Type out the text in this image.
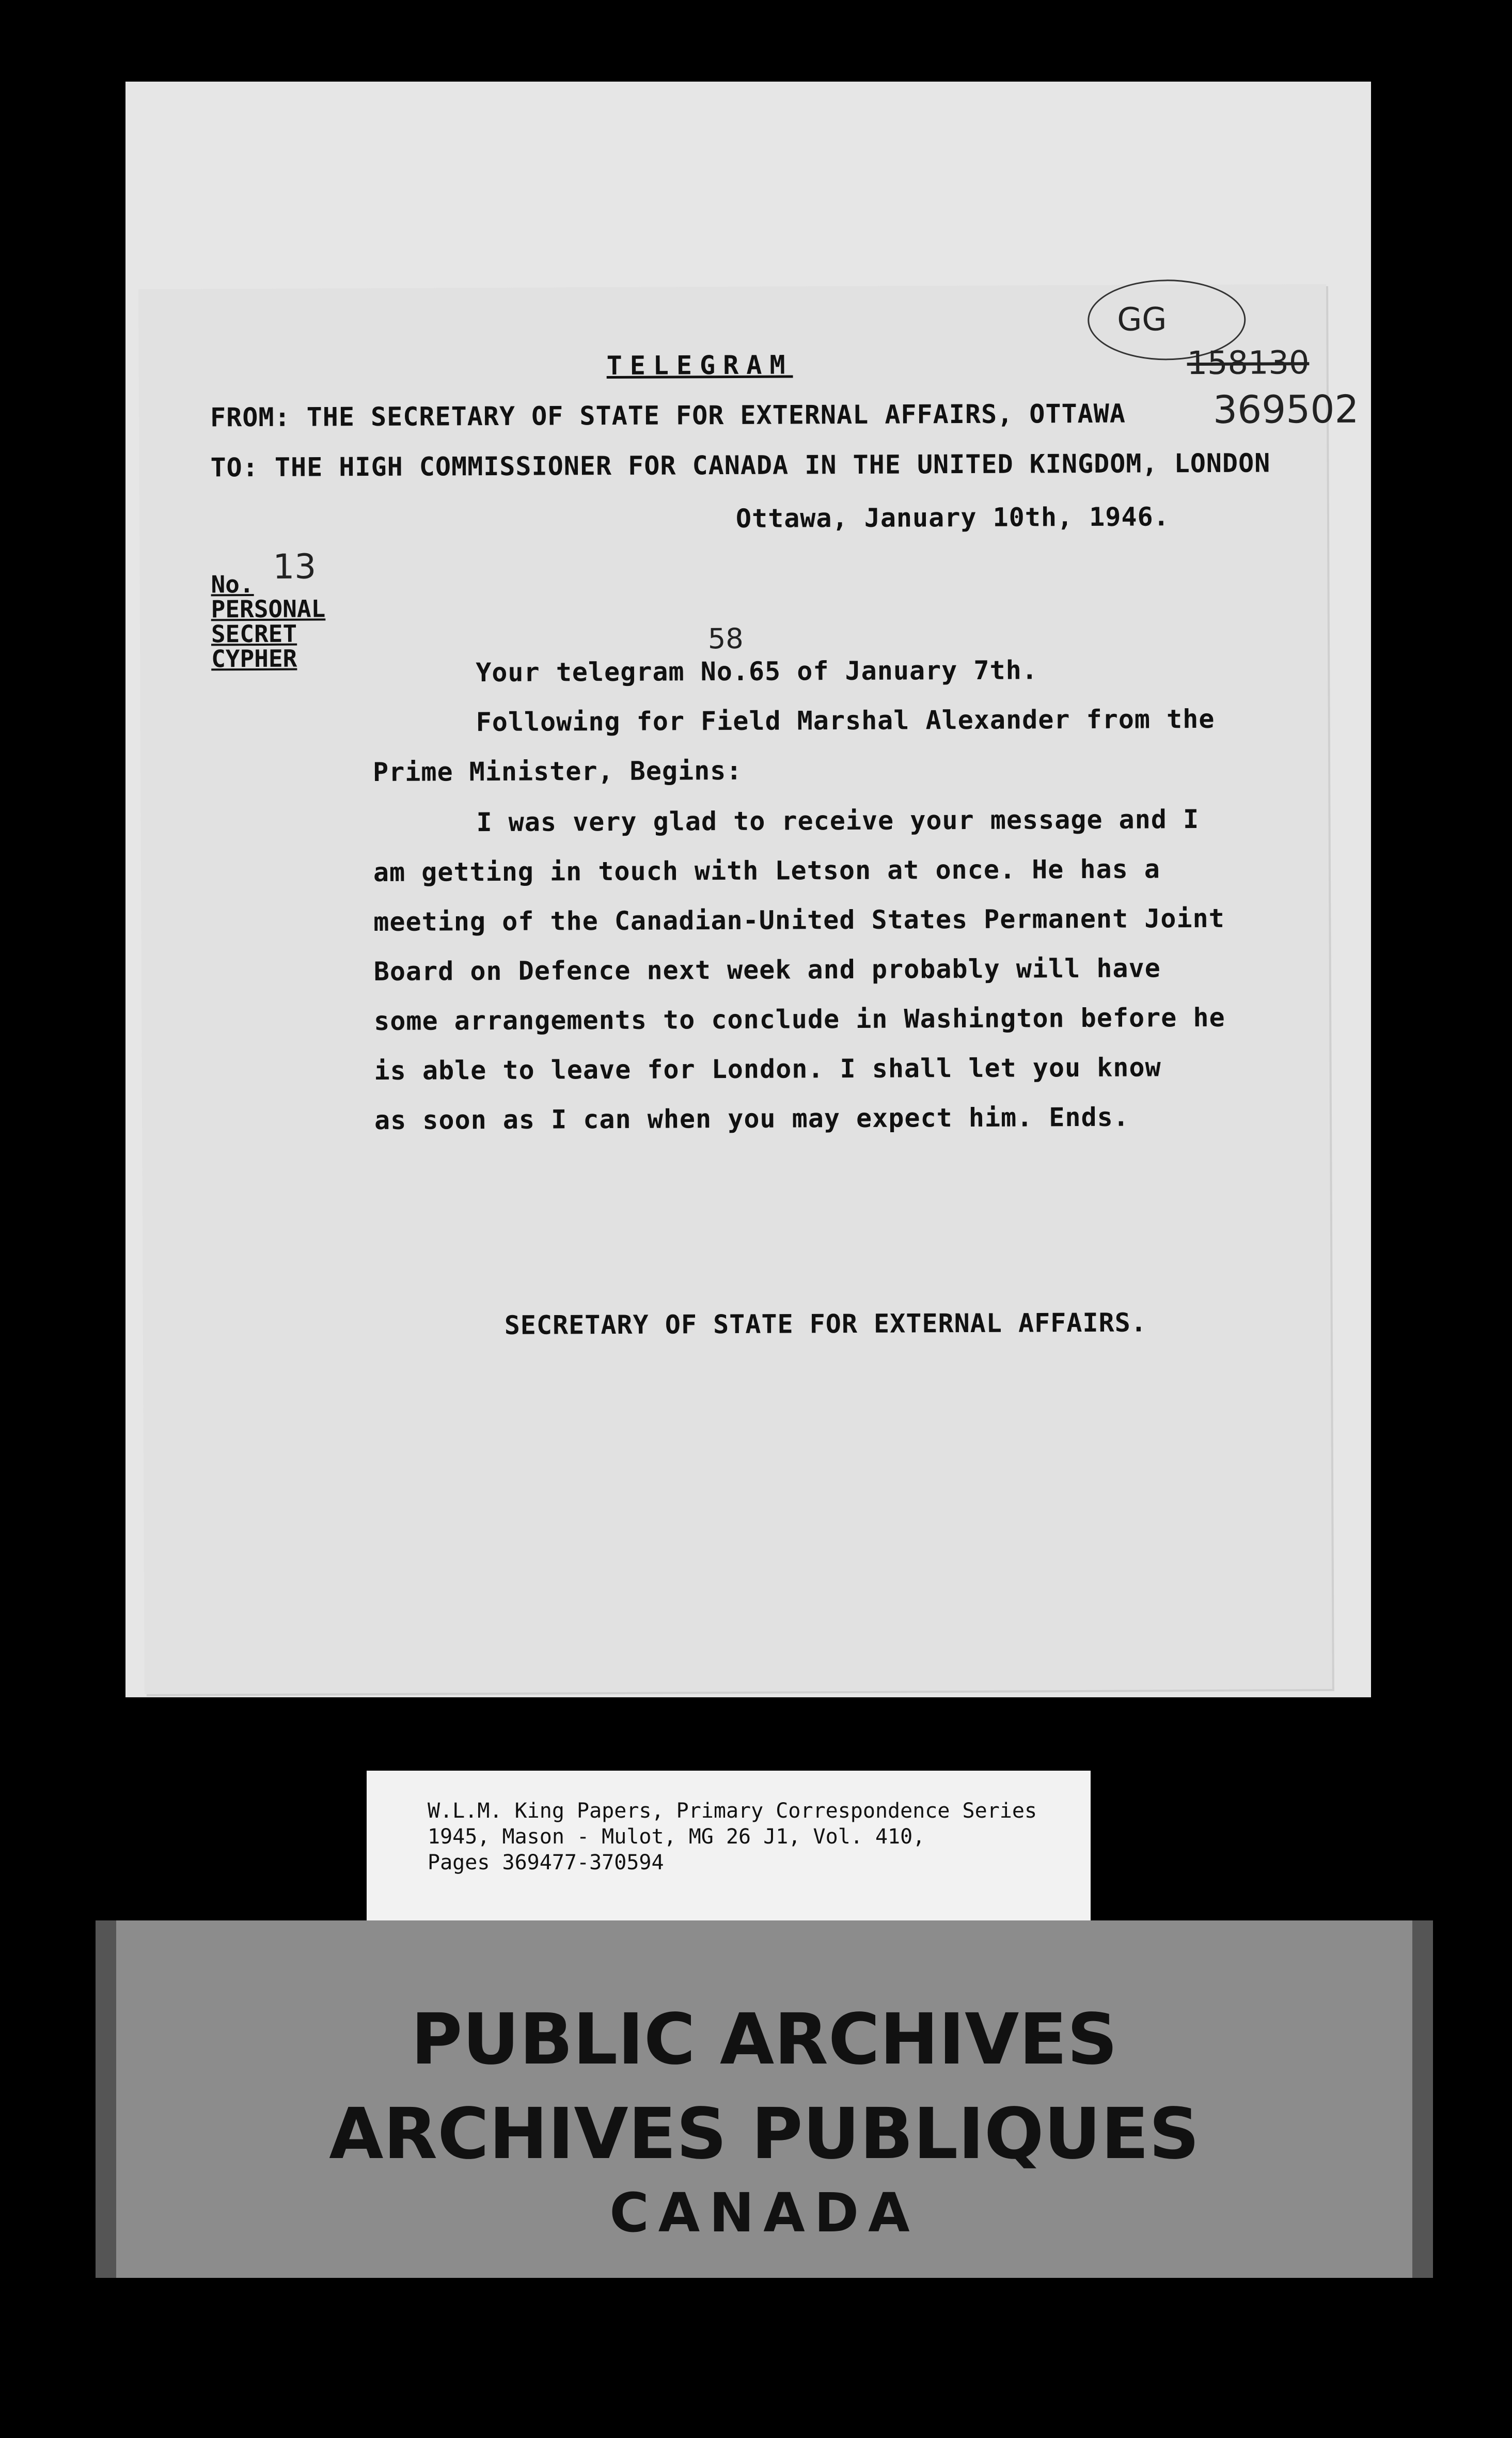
GG
158130
369502
TELEGRAM
FROM: THE SECRETARY OF STATE FOR EXTERNAL AFFAIRS, OTTAWA
TO: THE HIGH COMMISSIONER FOR CANADA IN THE UNITED KINGDOM, LONDON
Ottawa, January 10th, 1946.
No.
PERSONAL
SECRET
CYPHER
13
58
Your telegram No.65 of January 7th.
Following for Field Marshal Alexander from the
Prime Minister, Begins:
I was very glad to receive your message and I
am getting in touch with Letson at once. He has a
meeting of the Canadian-United States Permanent Joint
Board on Defence next week and probably will have
some arrangements to conclude in Washington before he
is able to leave for London. I shall let you know
as soon as I can when you may expect him. Ends.
SECRETARY OF STATE FOR EXTERNAL AFFAIRS.
W.L.M. King Papers, Primary Correspondence Series
1945, Mason - Mulot, MG 26 J1, Vol. 410,
Pages 369477-370594
PUBLIC ARCHIVES
ARCHIVES PUBLIQUES
CANADA
